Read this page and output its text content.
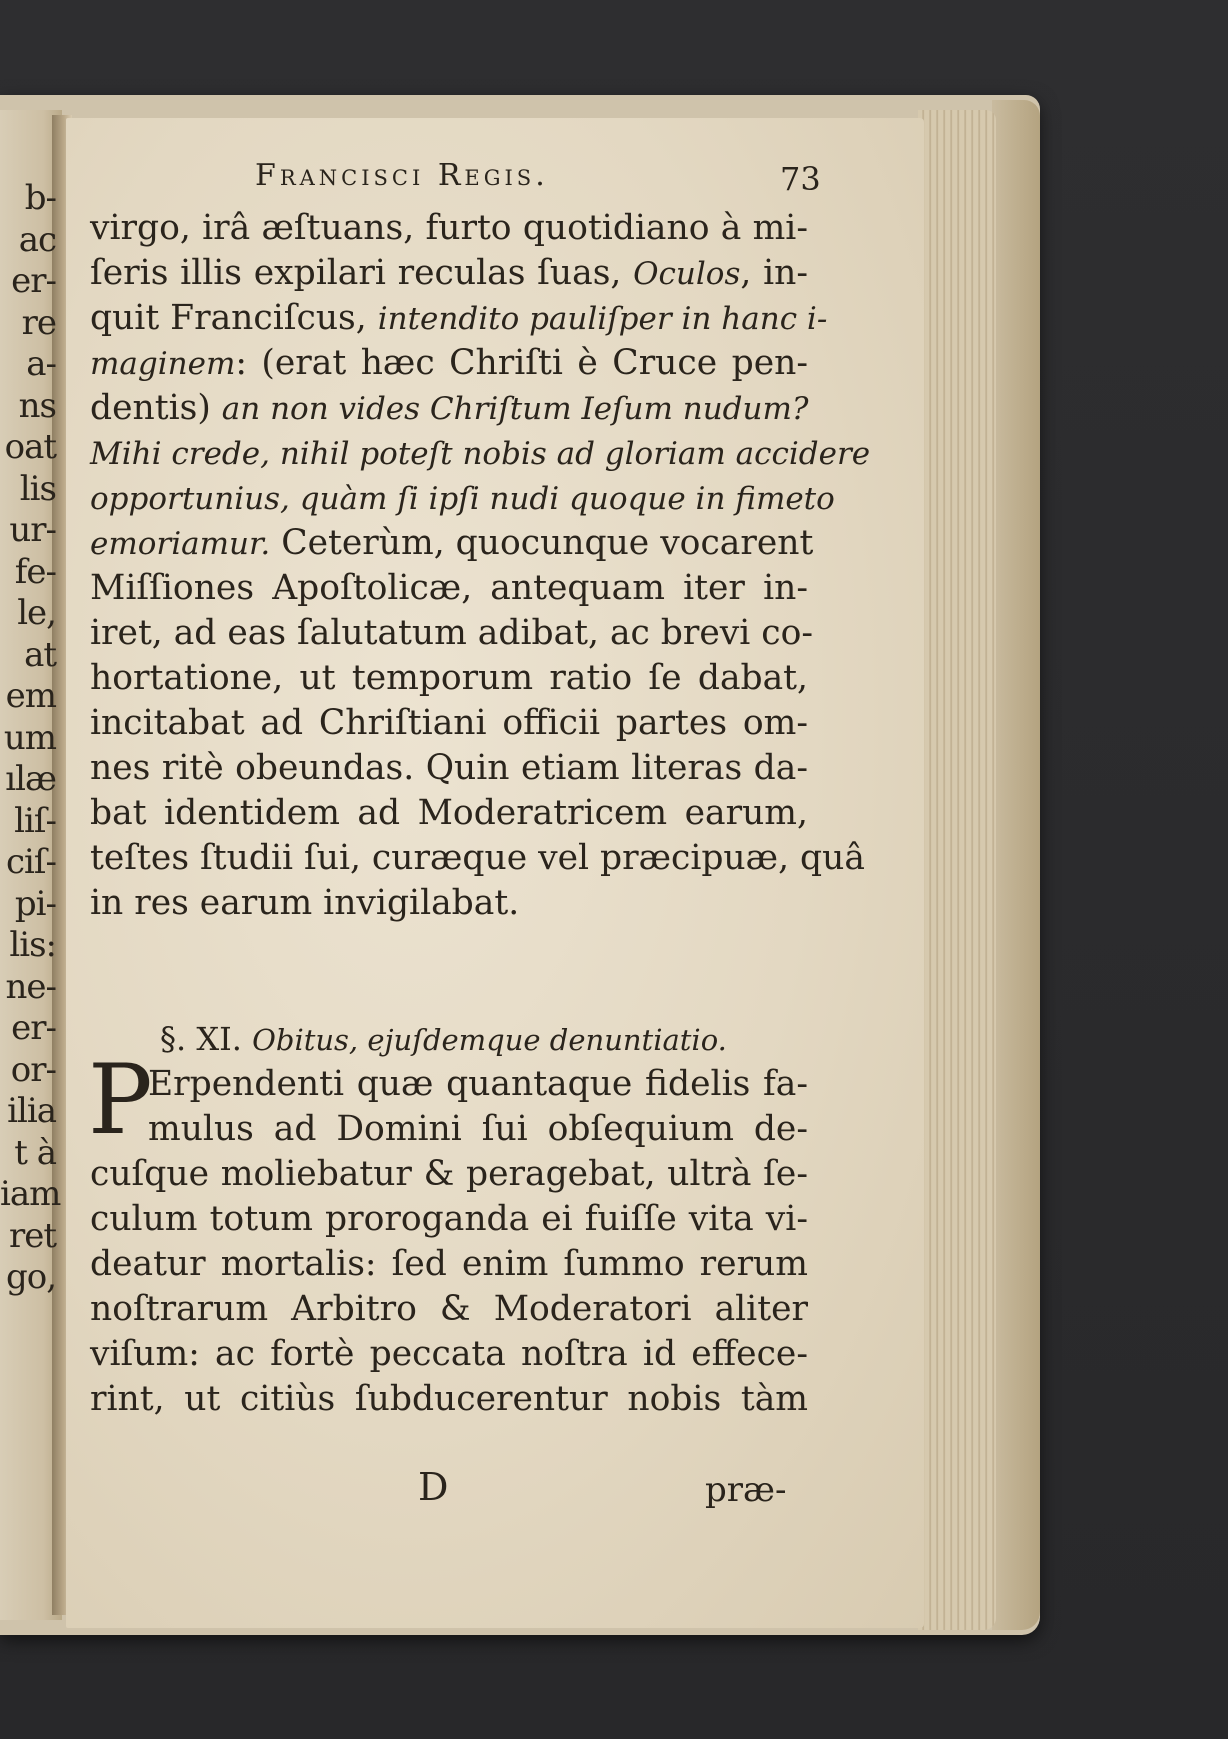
b-
ac
er-
re
a-
ns
oat
lis
ur-
fe-
le,
at
em
um
ılæ
liſ-
ciſ-
pi-
lis:
ne-
er-
or-
ilia
t à
iam
ret
go,
Francisci Regis.	73
virgo, irâ æſtuans, furto quotidiano à mi-
ſeris illis expilari reculas ſuas, Oculos, in-
quit Franciſcus, intendito pauliſper in hanc i-
maginem: (erat hæc Chriſti è Cruce pen-
dentis) an non vides Chriſtum Ieſum nudum?
Mihi crede, nihil poteſt nobis ad gloriam accidere
opportunius, quàm ſi ipſi nudi quoque in fimeto
emoriamur. Ceterùm, quocunque vocarent
Miſſiones Apoſtolicæ, antequam iter in-
iret, ad eas ſalutatum adibat, ac brevi co-
hortatione, ut temporum ratio ſe dabat,
incitabat ad Chriſtiani officii partes om-
nes ritè obeundas. Quin etiam literas da-
bat identidem ad Moderatricem earum,
teſtes ſtudii ſui, curæque vel præcipuæ, quâ
in res earum invigilabat.
§. XI. Obitus, ejuſdemque denuntiatio.
P
Erpendenti quæ quantaque fidelis fa-
mulus ad Domini ſui obſequium de-
cuſque moliebatur & peragebat, ultrà ſe-
culum totum proroganda ei fuiſſe vita vi-
deatur mortalis: ſed enim ſummo rerum
noſtrarum Arbitro & Moderatori aliter
viſum: ac fortè peccata noſtra id effece-
rint, ut citiùs ſubducerentur nobis tàm
D	præ-
